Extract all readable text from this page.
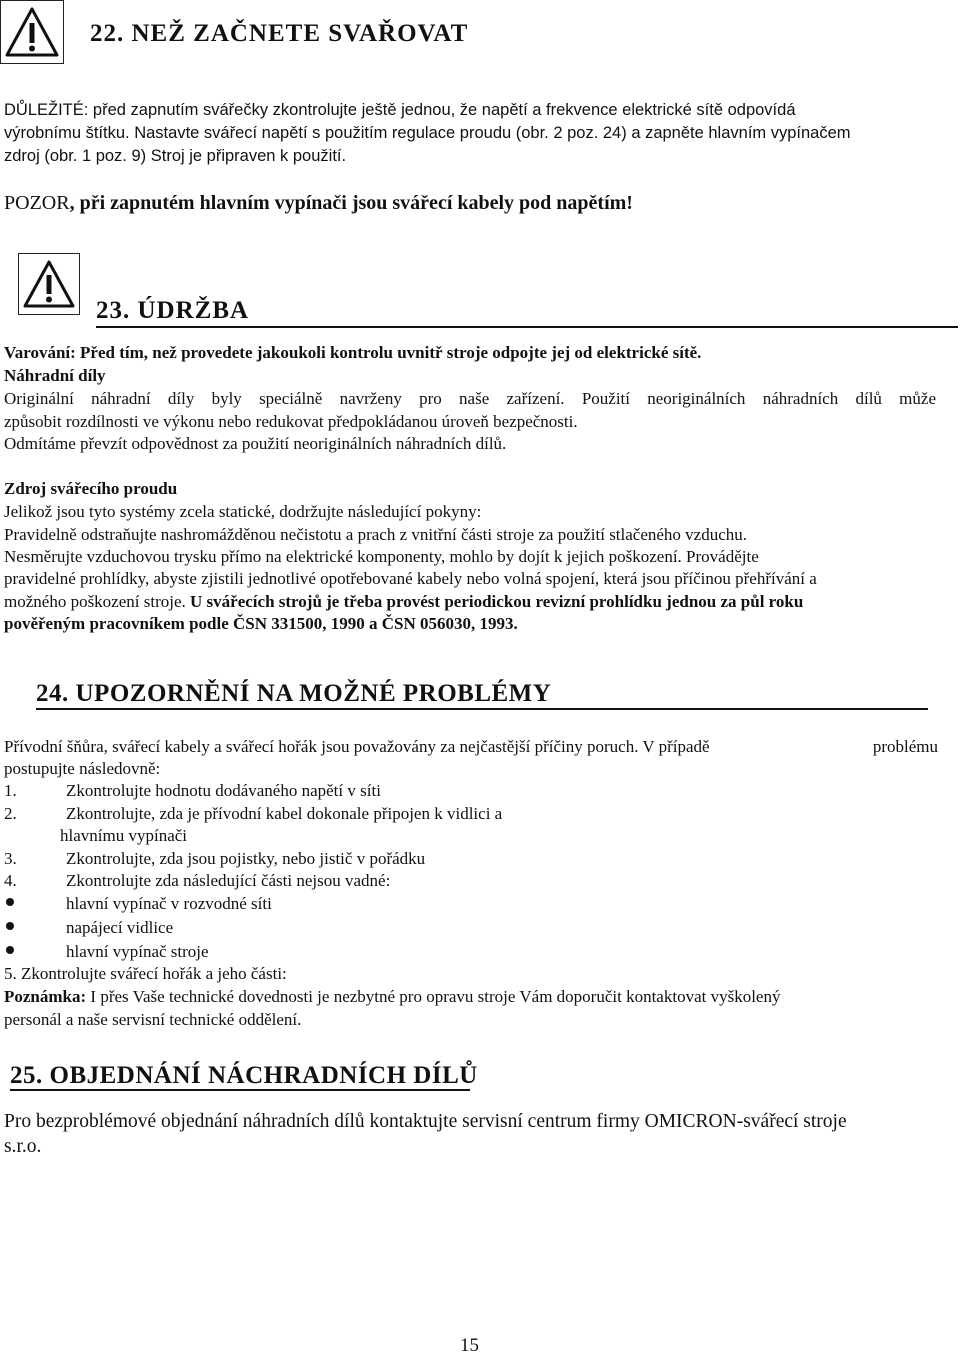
22. NEŽ ZAČNETE SVAŘOVAT
DŮLEŽITÉ: před zapnutím svářečky zkontrolujte ještě jednou, že napětí a frekvence elektrické sítě odpovídá
výrobnímu štítku. Nastavte svářecí napětí s použitím regulace proudu (obr. 2 poz. 24) a zapněte hlavním vypínačem
zdroj (obr. 1 poz. 9) Stroj je připraven k použití.
POZOR, při zapnutém hlavním vypínači jsou svářecí kabely pod napětím!
23. ÚDRŽBA
Varování: Před tím, než provedete jakoukoli kontrolu uvnitř stroje odpojte jej od elektrické sítě.
Náhradní díly
Originální náhradní díly byly speciálně navrženy pro naše zařízení. Použití neoriginálních náhradních dílů může
způsobit rozdílnosti ve výkonu nebo redukovat předpokládanou úroveň bezpečnosti.
Odmítáme převzít odpovědnost za použití neoriginálních náhradních dílů.
Zdroj svářecího proudu
Jelikož jsou tyto systémy zcela statické, dodržujte následující pokyny:
Pravidelně odstraňujte nashromážděnou nečistotu a prach z vnitřní části stroje za použití stlačeného vzduchu.
Nesměrujte vzduchovou trysku přímo na elektrické komponenty, mohlo by dojít k jejich poškození. Provádějte
pravidelné prohlídky, abyste zjistili jednotlivé opotřebované kabely nebo volná spojení, která jsou příčinou přehřívání a
možného poškození stroje. U svářecích strojů je třeba provést periodickou revizní prohlídku jednou za půl roku
pověřeným pracovníkem podle ČSN 331500, 1990 a ČSN 056030, 1993.
24. UPOZORNĚNÍ NA MOŽNÉ PROBLÉMY
Přívodní šňůra, svářecí kabely a svářecí hořák jsou považovány za nejčastější příčiny poruch. V případě	problému
postupujte následovně:
1.	Zkontrolujte hodnotu dodávaného napětí v síti
2.	Zkontrolujte, zda je přívodní kabel dokonale připojen k vidlici a
hlavnímu vypínači
3.	Zkontrolujte, zda jsou pojistky, nebo jistič v pořádku
4.	Zkontrolujte zda následující části nejsou vadné:
hlavní vypínač v rozvodné síti
napájecí vidlice
hlavní vypínač stroje
5. Zkontrolujte svářecí hořák a jeho části:
Poznámka: I přes Vaše technické dovednosti je nezbytné pro opravu stroje Vám doporučit kontaktovat vyškolený
personál a naše servisní technické oddělení.
25. OBJEDNÁNÍ NÁCHRADNÍCH DÍLŮ
Pro bezproblémové objednání náhradních dílů kontaktujte servisní centrum firmy OMICRON-svářecí stroje
s.r.o.
15
